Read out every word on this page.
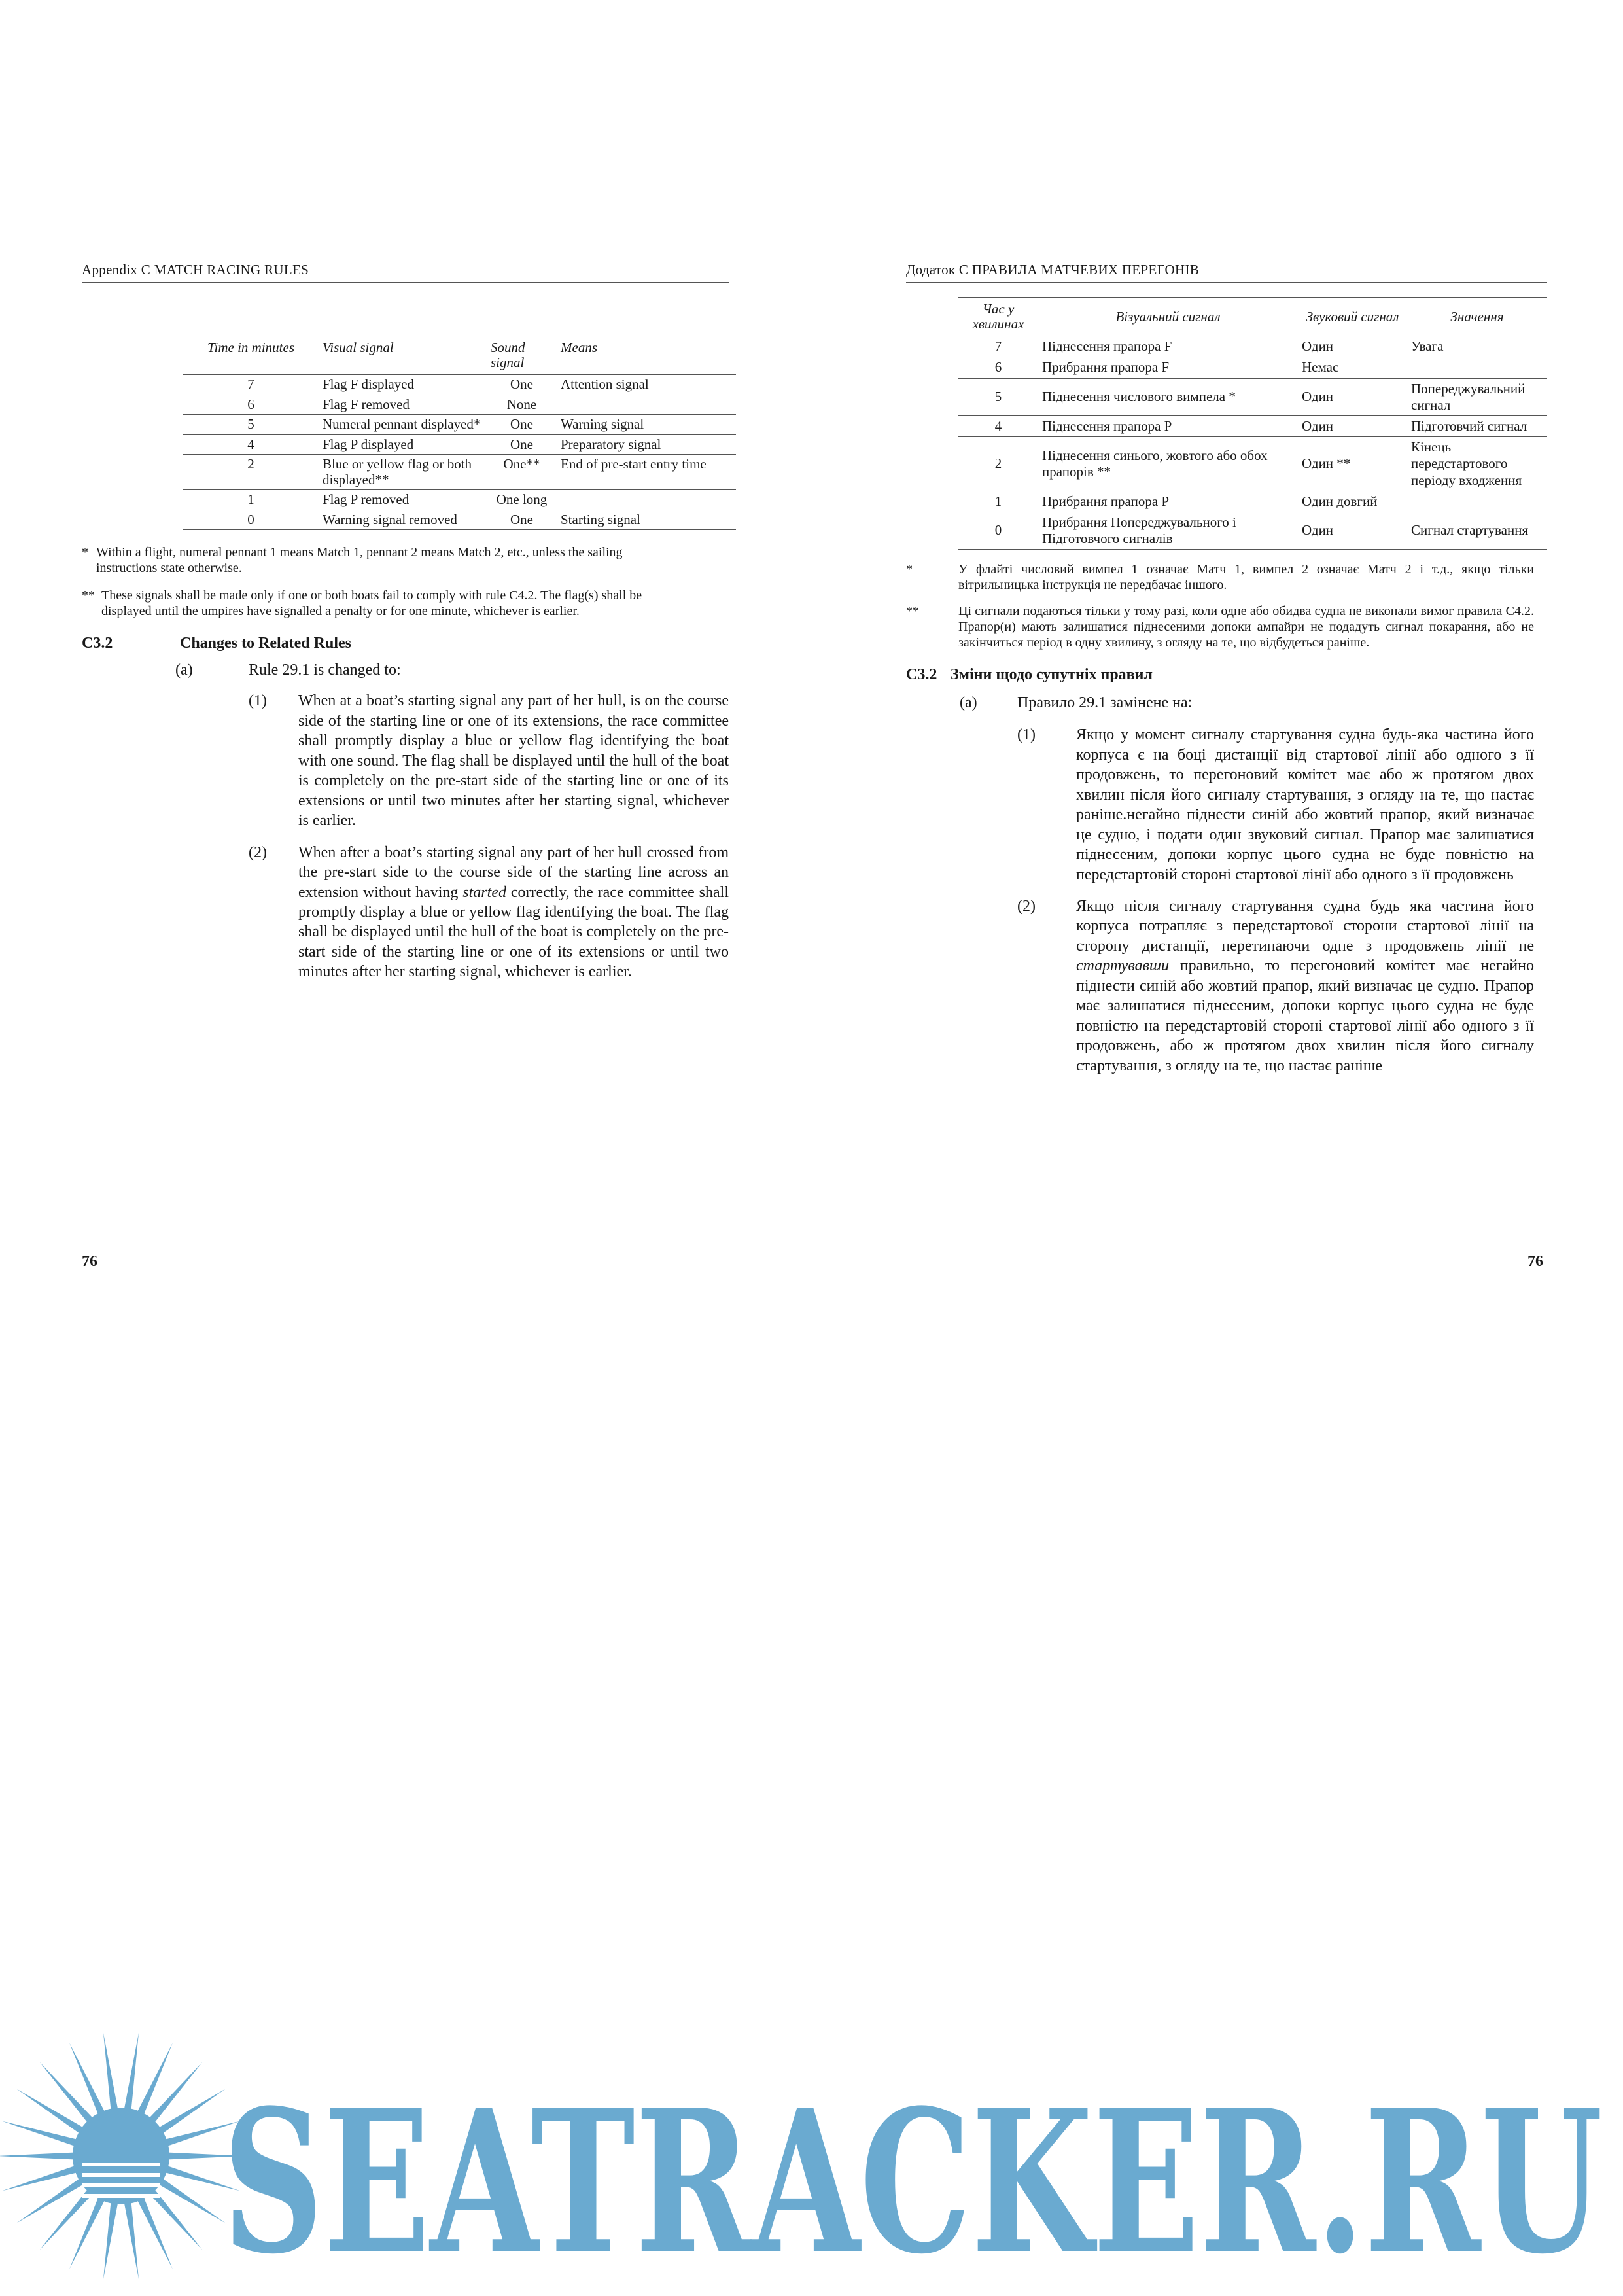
Appendix C MATCH RACING RULES
Time in minutes	Visual signal	Sound signal	Means
7	Flag F displayed	One	Attention signal
6	Flag F removed	None	
5	Numeral pennant displayed*	One	Warning signal
4	Flag P displayed	One	Preparatory signal
2	Blue or yellow flag or both displayed**	One**	End of pre-start entry time
1	Flag P removed	One long	
0	Warning signal removed	One	Starting signal
* Within a flight, numeral pennant 1 means Match 1, pennant 2 means Match 2, etc., unless the sailing instructions state otherwise.
** These signals shall be made only if one or both boats fail to comply with rule C4.2. The flag(s) shall be displayed until the umpires have signalled a penalty or for one minute, whichever is earlier.
C3.2	Changes to Related Rules
(a)	Rule 29.1 is changed to:
(1)	When at a boat’s starting signal any part of her hull, is on the course side of the starting line or one of its extensions, the race committee shall promptly display a blue or yellow flag identifying the boat with one sound. The flag shall be displayed until the hull of the boat is completely on the pre-start side of the starting line or one of its extensions or until two minutes after her starting signal, whichever is earlier.
(2)	When after a boat’s starting signal any part of her hull crossed from the pre-start side to the course side of the starting line across an extension without having started correctly, the race committee shall promptly display a blue or yellow flag identifying the boat. The flag shall be displayed until the hull of the boat is completely on the pre-start side of the starting line or one of its extensions or until two minutes after her starting signal, whichever is earlier.
76
Додаток С ПРАВИЛА МАТЧЕВИХ ПЕРЕГОНІВ
Час у хвилинах	Візуальний сигнал	Звуковий сигнал	Значення
7	Піднесення прапора F	Один	Увага
6	Прибрання прапора F	Немає	
5	Піднесення числового вимпела *	Один	Попереджувальний сигнал
4	Піднесення прапора Р	Один	Підготовчий сигнал
2	Піднесення синього, жовтого або обох прапорів **	Один **	Кінець передстартового періоду входження
1	Прибрання прапора Р	Один довгий	
0	Прибрання Попереджувального і Підготовчого сигналів	Один	Сигнал стартування
*	У флайті числовий вимпел 1 означає Матч 1, вимпел 2 означає Матч 2 і т.д., якщо тільки вітрильницька інструкція не передбачає іншого.
**	Ці сигнали подаються тільки у тому разі, коли одне або обидва судна не виконали вимог правила С4.2. Прапор(и) мають залишатися піднесеними допоки ампайри не подадуть сигнал покарання, або не закінчиться період в одну хвилину, з огляду на те, що відбудеться раніше.
С3.2 Зміни щодо супутніх правил
(a)	Правило 29.1 замінене на:
(1)	Якщо у момент сигналу стартування судна будь-яка частина його корпуса є на боці дистанції від стартової лінії або одного з її продовжень, то перегоновий комітет має або ж протягом двох хвилин після його сигналу стартування, з огляду на те, що настає раніше.негайно піднести синій або жовтий прапор, який визначає це судно, і подати один звуковий сигнал. Прапор має залишатися піднесеним, допоки корпус цього судна не буде повністю на передстартовій стороні стартової лінії або одного з її продовжень
(2)	Якщо після сигналу стартування судна будь яка частина його корпуса потрапляє з передстартової сторони стартової лінії на сторону дистанції, перетинаючи одне з продовжень лінії не стартувавши правильно, то перегоновий комітет має негайно піднести синій або жовтий прапор, який визначає це судно. Прапор має залишатися піднесеним, допоки корпус цього судна не буде повністю на передстартовій стороні стартової лінії або одного з її продовжень, або ж протягом двох хвилин після його сигналу стартування, з огляду на те, що настає раніше
76
SEATRACKER.RU
